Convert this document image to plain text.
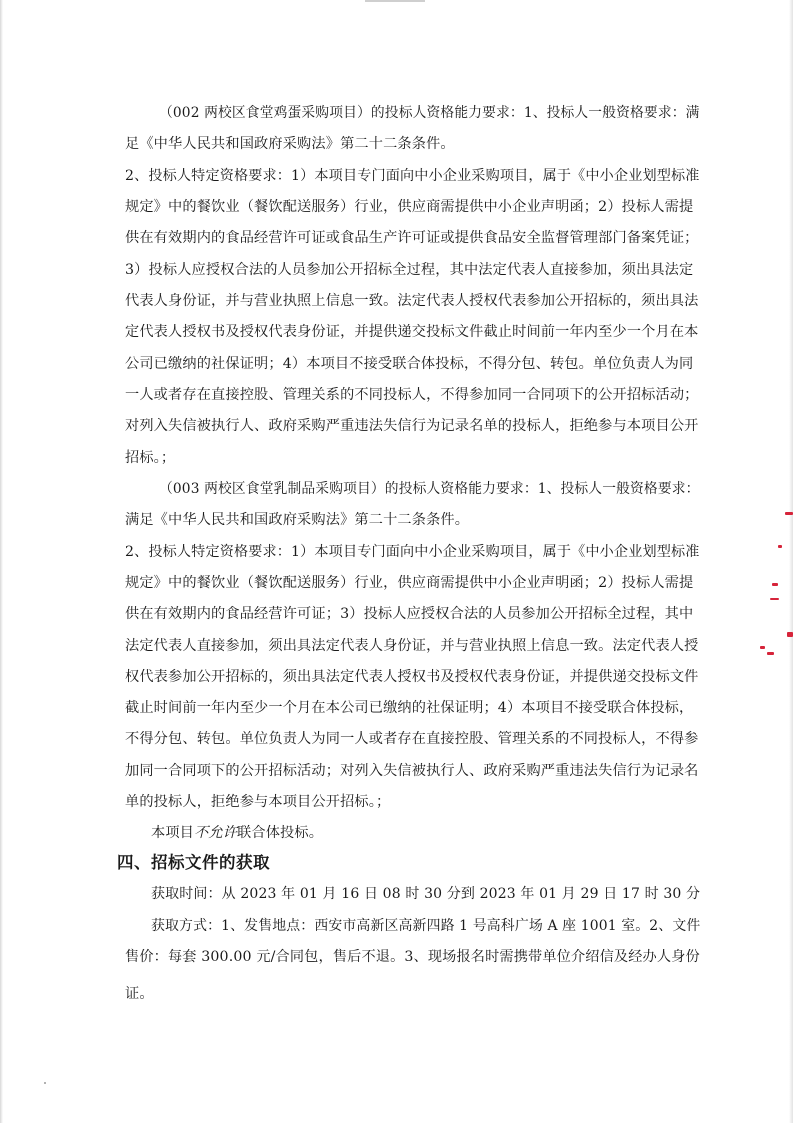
（002 两校区食堂鸡蛋采购项目）的投标人资格能力要求：1、投标人一般资格要求：满
足《中华人民共和国政府采购法》第二十二条条件。
2、投标人特定资格要求：1）本项目专门面向中小企业采购项目，属于《中小企业划型标准
规定》中的餐饮业（餐饮配送服务）行业，供应商需提供中小企业声明函；2）投标人需提
供在有效期内的食品经营许可证或食品生产许可证或提供食品安全监督管理部门备案凭证；
3）投标人应授权合法的人员参加公开招标全过程，其中法定代表人直接参加，须出具法定
代表人身份证，并与营业执照上信息一致。法定代表人授权代表参加公开招标的，须出具法
定代表人授权书及授权代表身份证，并提供递交投标文件截止时间前一年内至少一个月在本
公司已缴纳的社保证明；4）本项目不接受联合体投标，不得分包、转包。单位负责人为同
一人或者存在直接控股、管理关系的不同投标人，不得参加同一合同项下的公开招标活动；
对列入失信被执行人、政府采购严重违法失信行为记录名单的投标人，拒绝参与本项目公开
招标。；
（003 两校区食堂乳制品采购项目）的投标人资格能力要求：1、投标人一般资格要求：
满足《中华人民共和国政府采购法》第二十二条条件。
2、投标人特定资格要求：1）本项目专门面向中小企业采购项目，属于《中小企业划型标准
规定》中的餐饮业（餐饮配送服务）行业，供应商需提供中小企业声明函；2）投标人需提
供在有效期内的食品经营许可证；3）投标人应授权合法的人员参加公开招标全过程，其中
法定代表人直接参加，须出具法定代表人身份证，并与营业执照上信息一致。法定代表人授
权代表参加公开招标的，须出具法定代表人授权书及授权代表身份证，并提供递交投标文件
截止时间前一年内至少一个月在本公司已缴纳的社保证明；4）本项目不接受联合体投标，
不得分包、转包。单位负责人为同一人或者存在直接控股、管理关系的不同投标人，不得参
加同一合同项下的公开招标活动；对列入失信被执行人、政府采购严重违法失信行为记录名
单的投标人，拒绝参与本项目公开招标。；
本项目不允许联合体投标。
四、招标文件的获取
获取时间：从 2023 年 01 月 16 日 08 时 30 分到 2023 年 01 月 29 日 17 时 30 分
获取方式：1、发售地点：西安市高新区高新四路 1 号高科广场 A 座 1001 室。2、文件
售价：每套 300.00 元/合同包，售后不退。3、现场报名时需携带单位介绍信及经办人身份
证。
